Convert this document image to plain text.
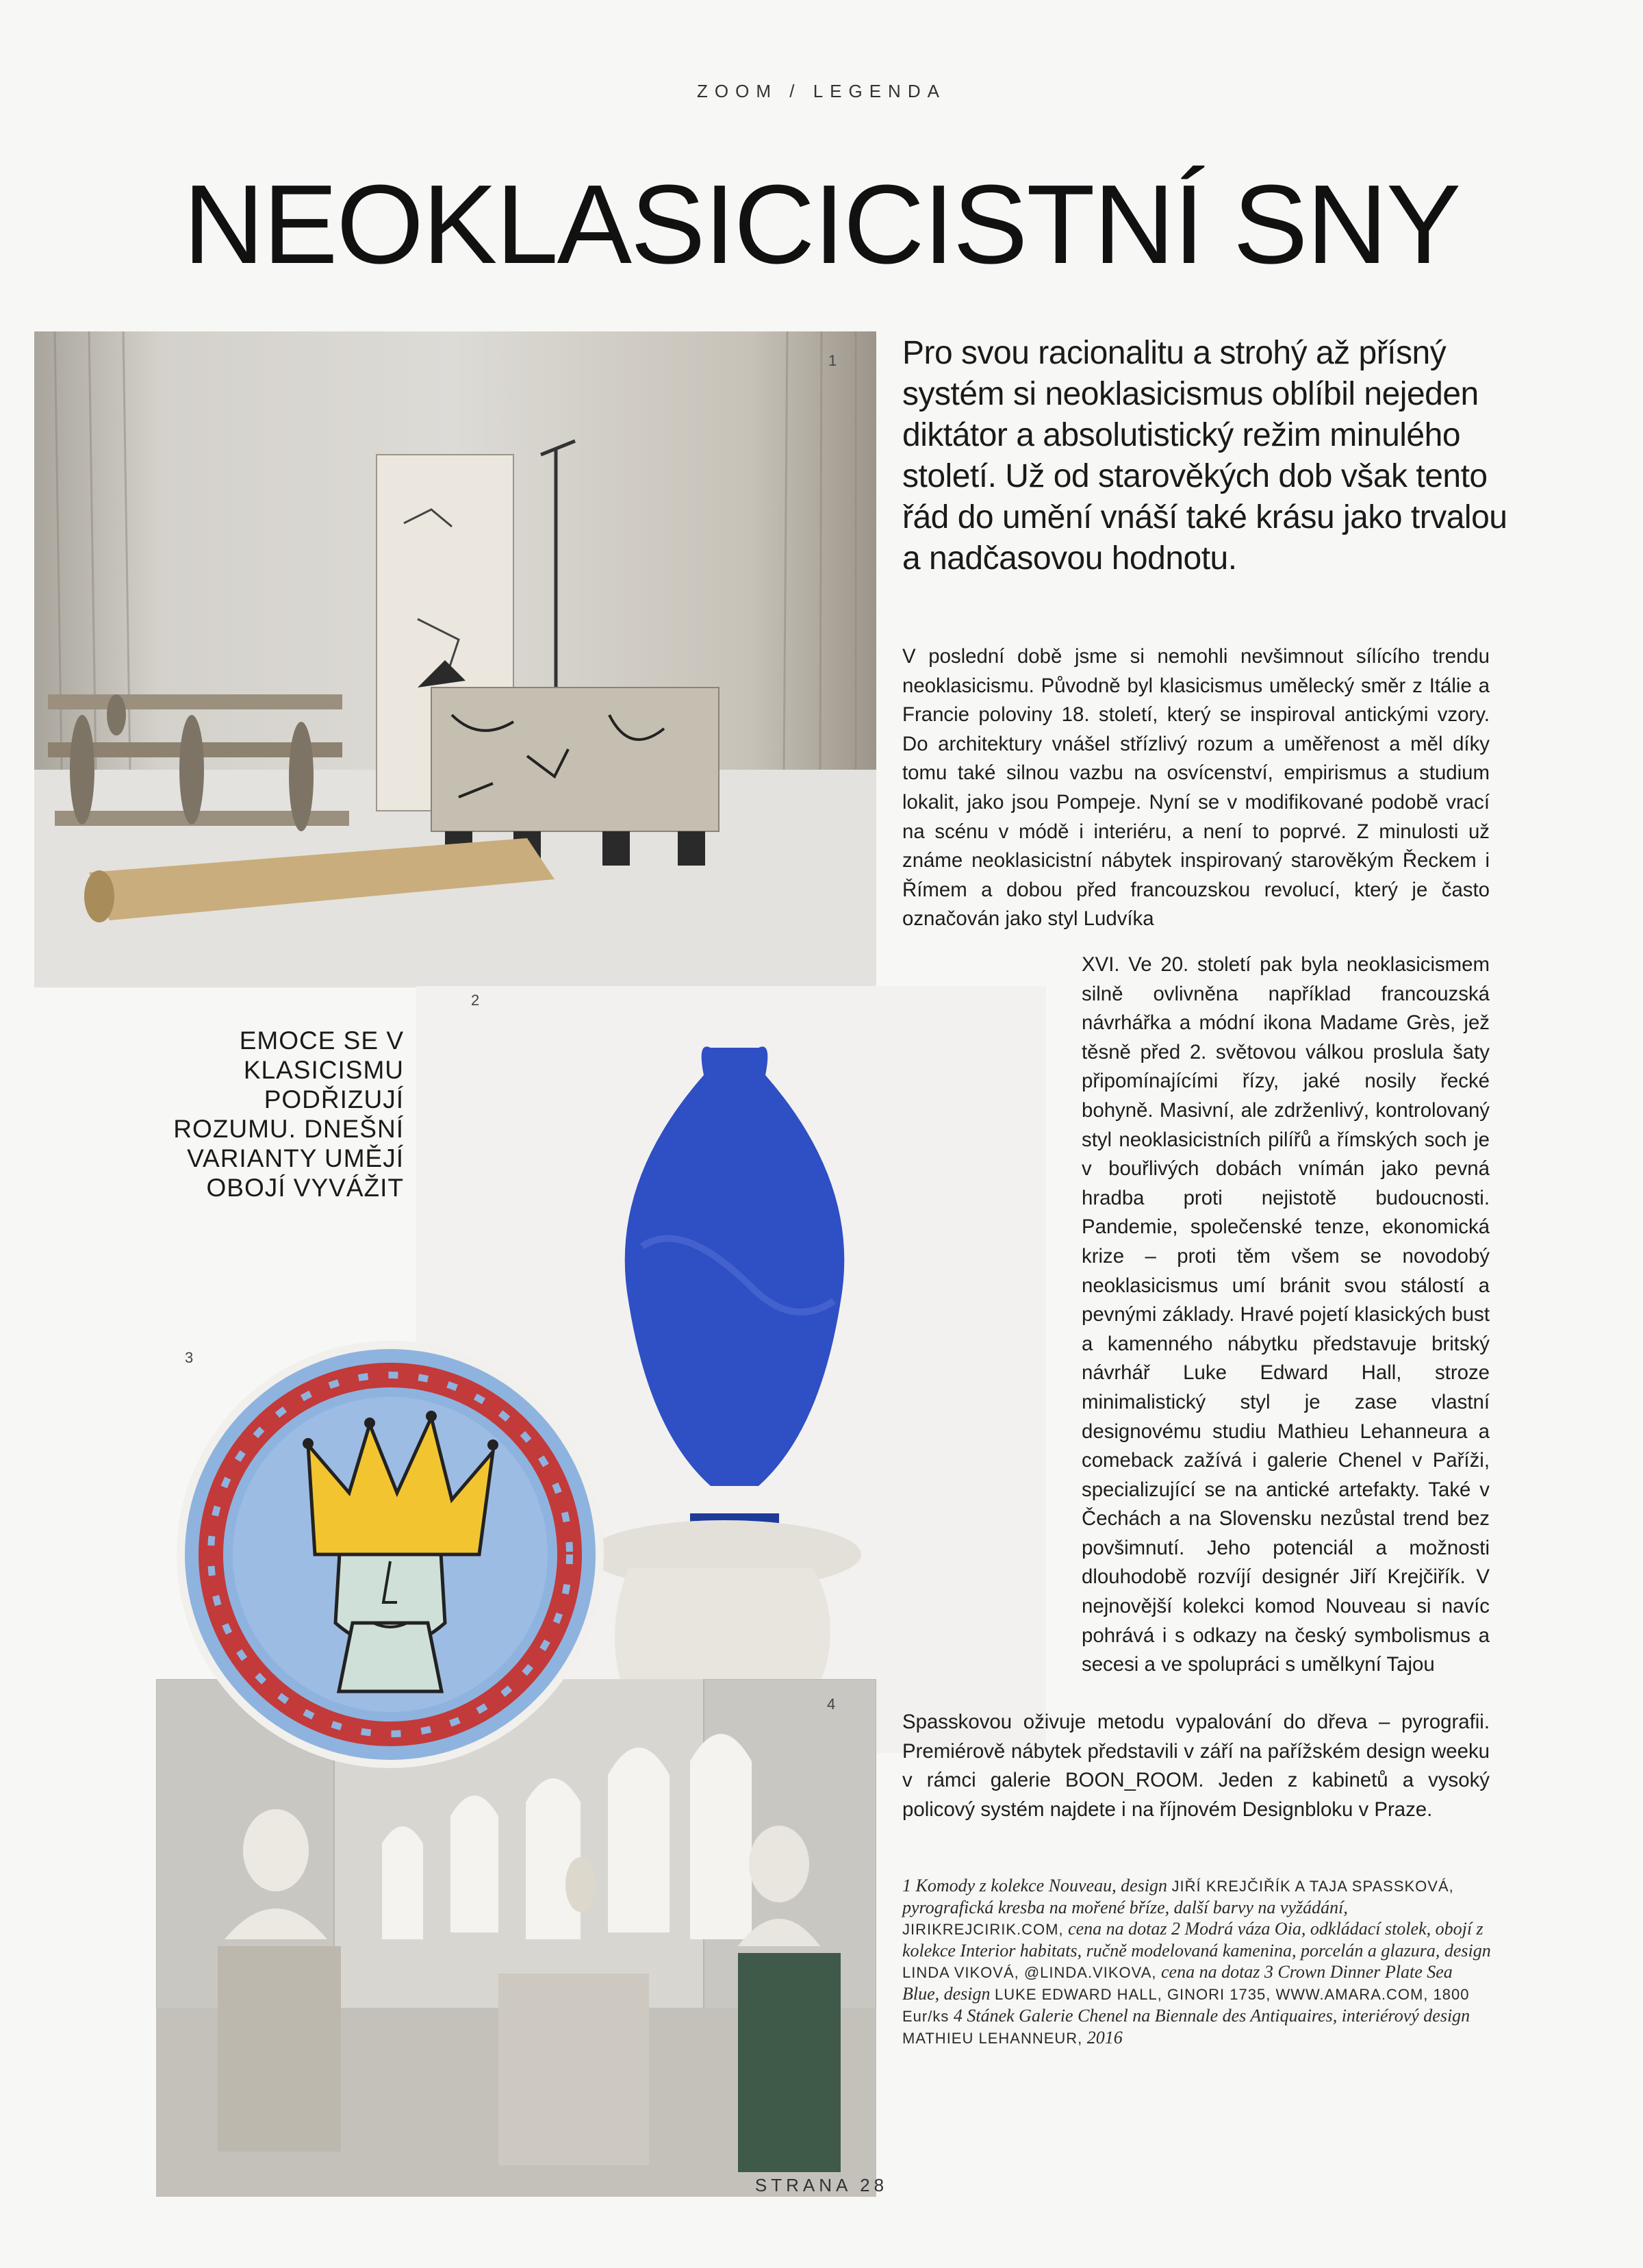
ZOOM / LEGENDA
NEOKLASICICISTNÍ SNY
1
2
4
3
EMOCE SE V KLASICISMU PODŘIZUJÍ ROZUMU. DNEŠNÍ VARIANTY UMĚJÍ OBOJÍ VYVÁŽIT
Pro svou racionalitu a strohý až přísný systém si neoklasicismus oblíbil nejeden diktátor a absolutistický režim minulého století. Už od starověkých dob však tento řád do umění vnáší také krásu jako trvalou a nadčasovou hodnotu.
V poslední době jsme si nemohli nevšimnout sílícího trendu neoklasicismu. Původně byl klasicismus umělecký směr z Itálie a Francie poloviny 18. století, který se inspiroval antickými vzory. Do architektury vnášel střízlivý rozum a uměřenost a měl díky tomu také silnou vazbu na osvícenství, empirismus a studium lokalit, jako jsou Pompeje. Nyní se v modifikované podobě vrací na scénu v módě i interiéru, a není to poprvé. Z minulosti už známe neoklasicistní nábytek inspirovaný starověkým Řeckem i Římem a dobou před francouzskou revolucí, který je často označován jako styl Ludvíka
XVI. Ve 20. století pak byla neoklasicismem silně ovlivněna například francouzská návrhářka a módní ikona Madame Grès, jež těsně před 2. světovou válkou proslula šaty připomínajícími řízy, jaké nosily řecké bohyně. Masivní, ale zdrženlivý, kontrolovaný styl neoklasicistních pilířů a římských soch je v bouřlivých dobách vnímán jako pevná hradba proti nejistotě budoucnosti. Pandemie, společenské tenze, ekonomická krize – proti těm všem se novodobý neoklasicismus umí bránit svou stálostí a pevnými základy. Hravé pojetí klasických bust a kamenného nábytku představuje britský návrhář Luke Edward Hall, stroze minimalistický styl je zase vlastní designovému studiu Mathieu Lehanneura a comeback zažívá i galerie Chenel v Paříži, specializující se na antické artefakty. Také v Čechách a na Slovensku nezůstal trend bez povšimnutí. Jeho potenciál a možnosti dlouhodobě rozvíjí designér Jiří Krejčiřík. V nejnovější kolekci komod Nouveau si navíc pohrává i s odkazy na český symbolismus a secesi a ve spolupráci s umělkyní Tajou
Spasskovou oživuje metodu vypalování do dřeva – pyrografii. Premiérově nábytek představili v září na pařížském design weeku v rámci galerie BOON_ROOM. Jeden z kabinetů a vysoký policový systém najdete i na říjnovém Designbloku v Praze.
1 Komody z kolekce Nouveau, design JIŘÍ KREJČIŘÍK A TAJA SPASSKOVÁ, pyrografická kresba na mořené bříze, další barvy na vyžádání, JIRIKREJCIRIK.COM, cena na dotaz 2 Modrá váza Oia, odkládací stolek, obojí z kolekce Interior habitats, ručně modelovaná kamenina, porcelán a glazura, design LINDA VIKOVÁ, @LINDA.VIKOVA, cena na dotaz 3 Crown Dinner Plate Sea Blue, design LUKE EDWARD HALL, GINORI 1735, WWW.AMARA.COM, 1800 Eur/ks 4 Stánek Galerie Chenel na Biennale des Antiquaires, interiérový design MATHIEU LEHANNEUR, 2016
STRANA 28
